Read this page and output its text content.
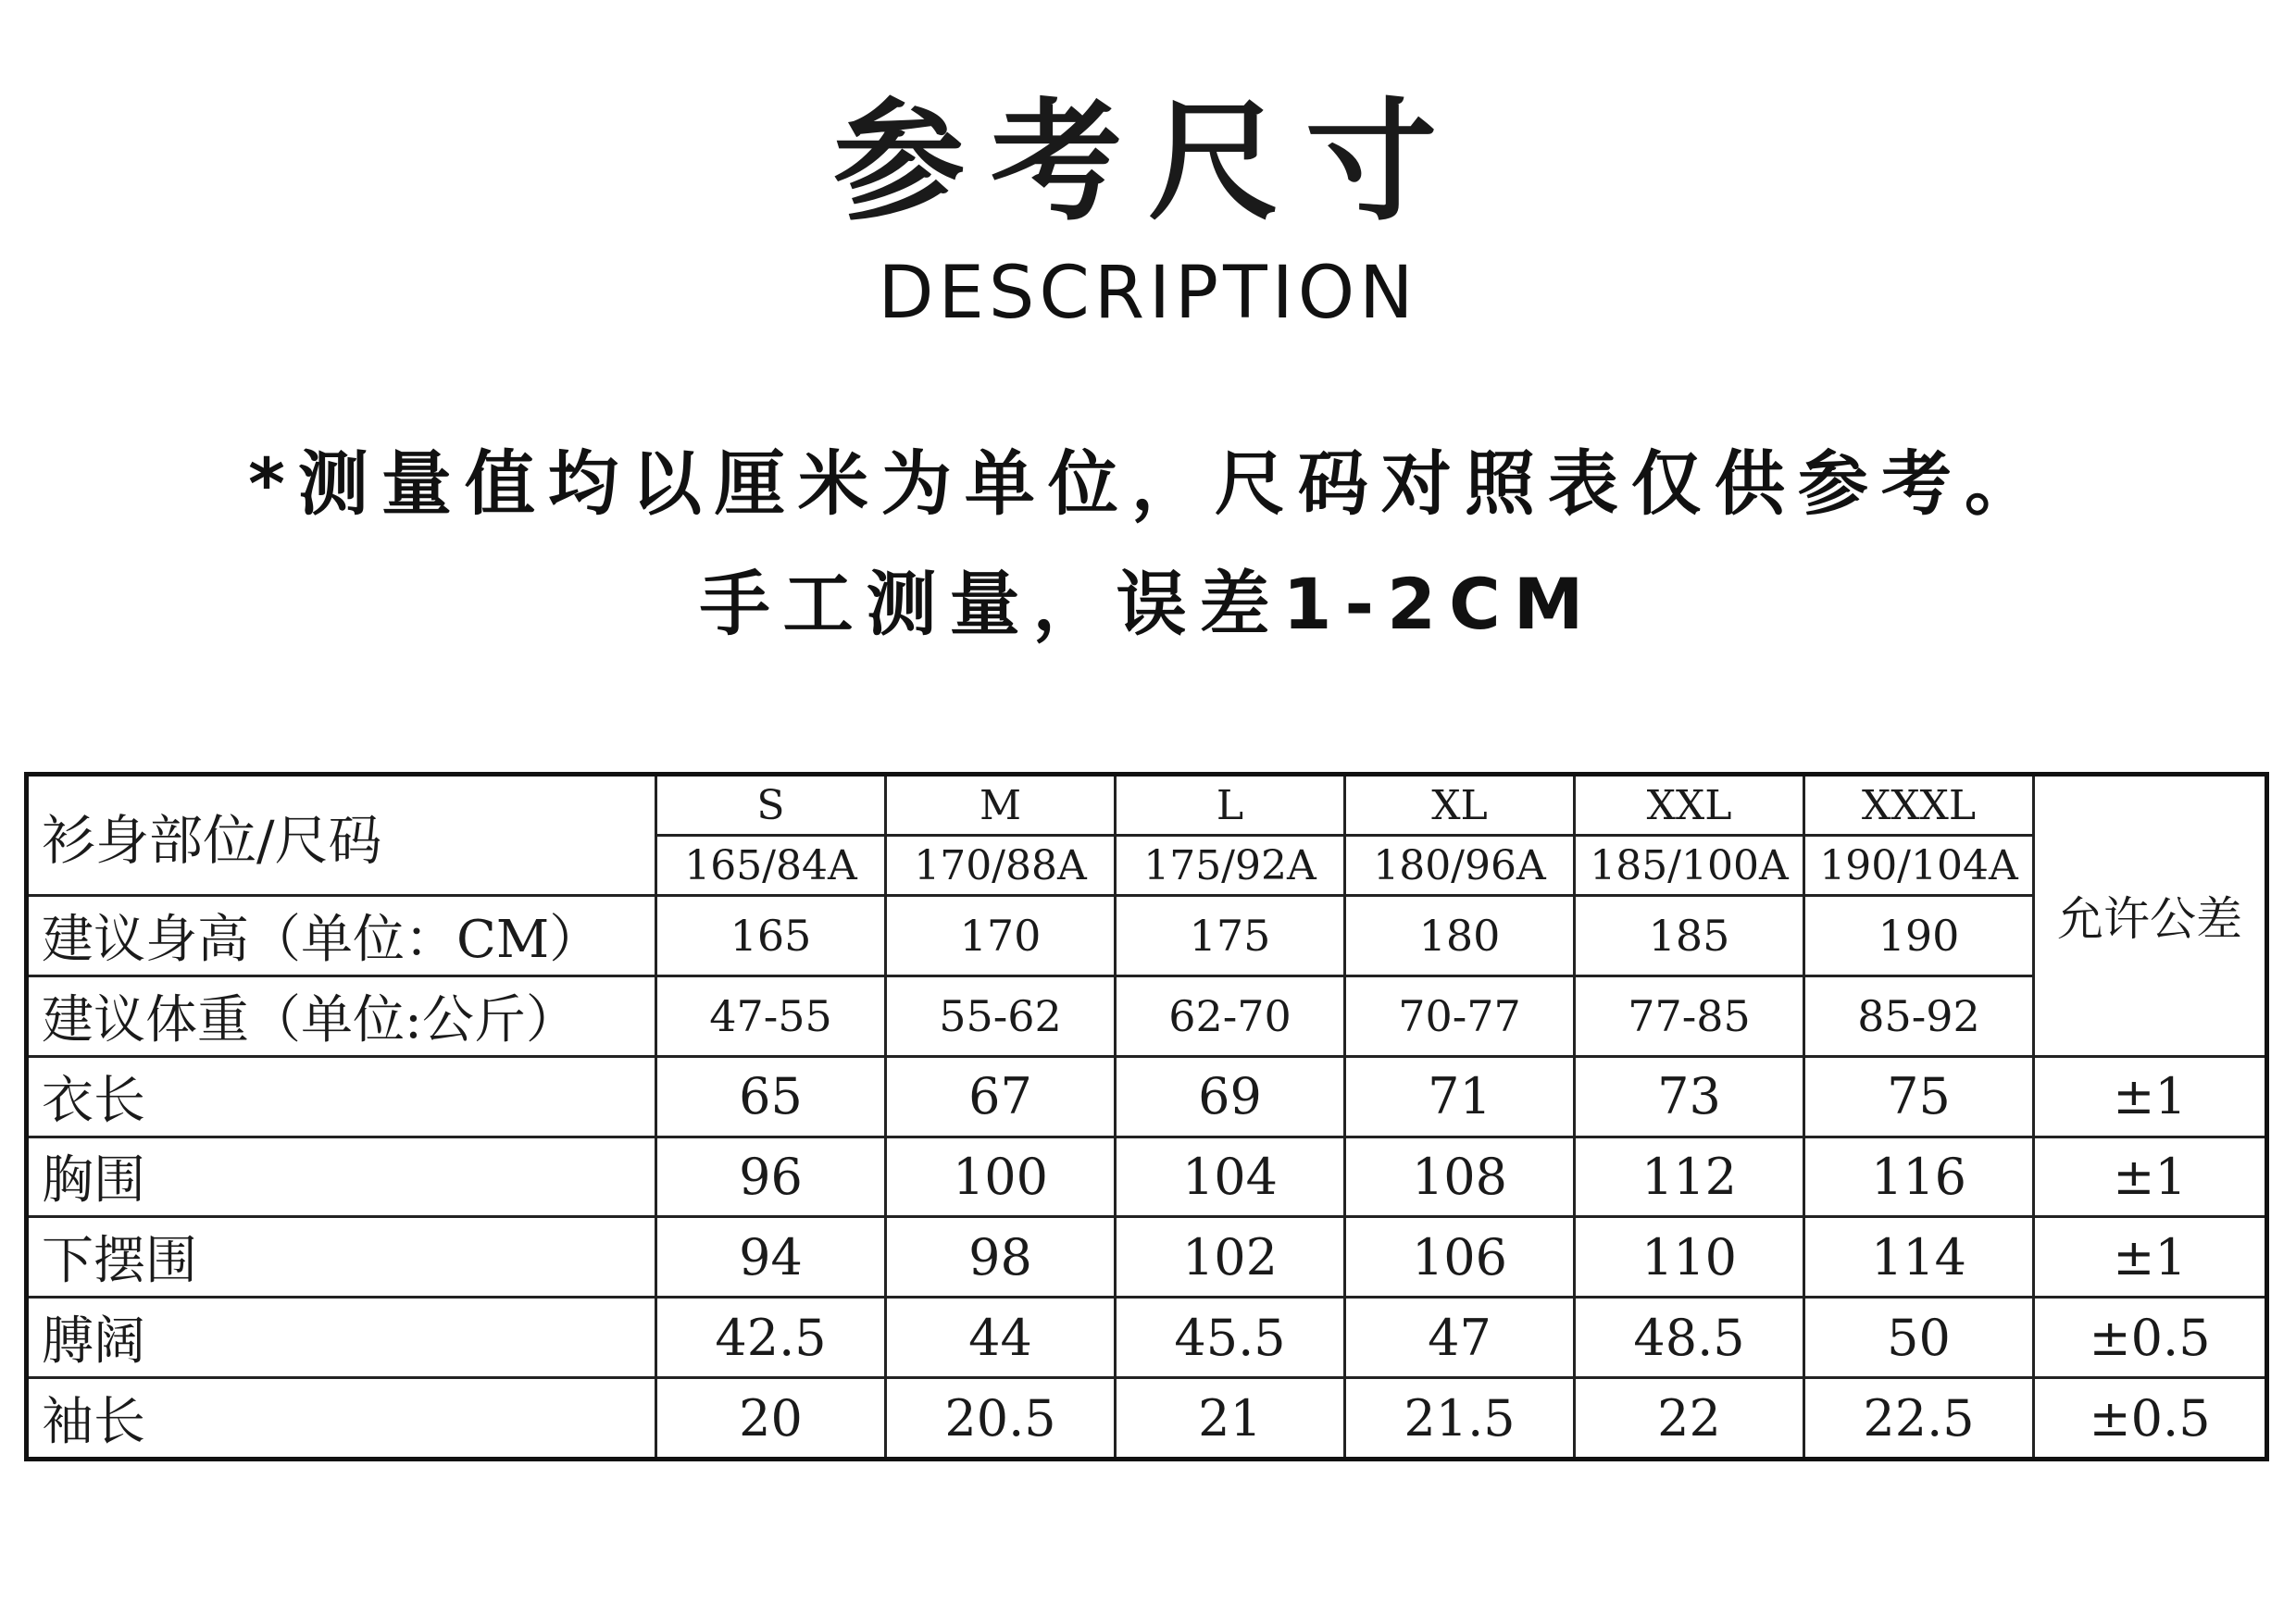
参考尺寸
DESCRIPTION
*测量值均以厘米为单位，尺码对照表仅供参考。
手工测量，误差1-2CM
衫身部位/尺码	S	M	L	XL	XXL	XXXL	允许公差
	165/84A	170/88A	175/92A	180/96A	185/100A	190/104A	
建议身高（单位：CM）	165	170	175	180	185	190	
建议体重（单位:公斤）	47-55	55-62	62-70	70-77	77-85	85-92	
衣长	65	67	69	71	73	75	±1
胸围	96	100	104	108	112	116	±1
下摆围	94	98	102	106	110	114	±1
膊阔	42.5	44	45.5	47	48.5	50	±0.5
袖长	20	20.5	21	21.5	22	22.5	±0.5
